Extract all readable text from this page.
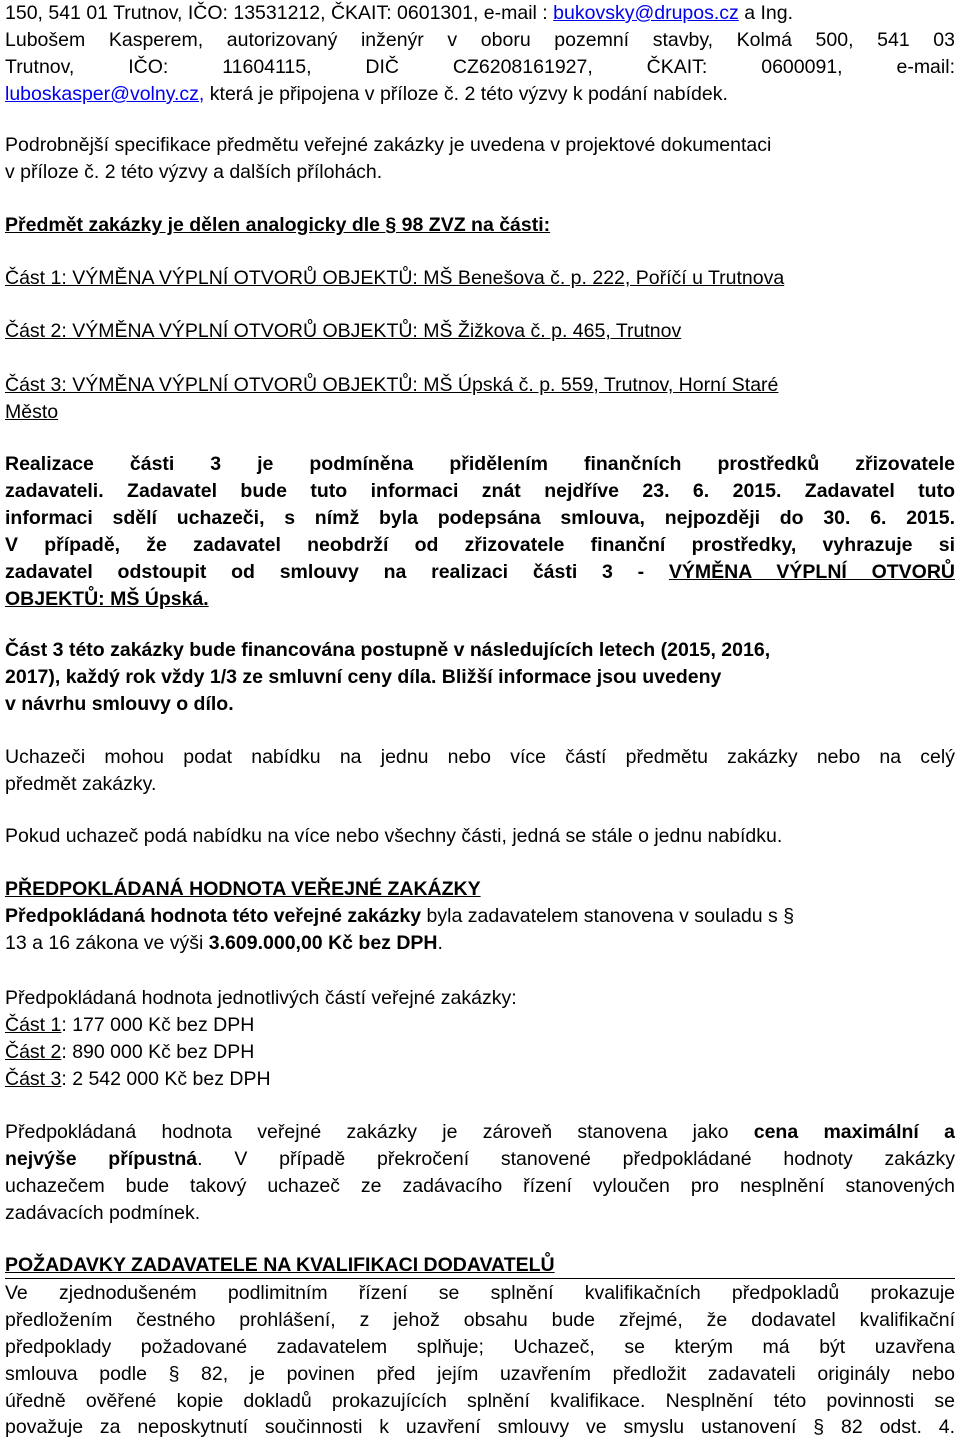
150, 541 01 Trutnov, IČO: 13531212, ČKAIT: 0601301, e-mail : bukovsky@drupos.cz a Ing.
Lubošem Kasperem, autorizovaný inženýr v oboru pozemní stavby, Kolmá 500, 541 03
Trutnov, IČO: 11604115, DIČ CZ6208161927, ČKAIT: 0600091, e-mail:
luboskasper@volny.cz, která je připojena v příloze č. 2 této výzvy k podání nabídek.
Podrobnější specifikace předmětu veřejné zakázky je uvedena v projektové dokumentaci
v příloze č. 2 této výzvy a dalších přílohách.
Předmět zakázky je dělen analogicky dle § 98 ZVZ na části:
Část 1: VÝMĚNA VÝPLNÍ OTVORŮ OBJEKTŮ: MŠ Benešova č. p. 222, Poříčí u Trutnova
Část 2: VÝMĚNA VÝPLNÍ OTVORŮ OBJEKTŮ: MŠ Žižkova č. p. 465, Trutnov
Část 3: VÝMĚNA VÝPLNÍ OTVORŮ OBJEKTŮ: MŠ Úpská č. p. 559, Trutnov, Horní Staré
Město
Realizace části 3 je podmíněna přidělením finančních prostředků zřizovatele
zadavateli. Zadavatel bude tuto informaci znát nejdříve 23. 6. 2015. Zadavatel tuto
informaci sdělí uchazeči, s nímž byla podepsána smlouva, nejpozději do 30. 6. 2015.
V případě, že zadavatel neobdrží od zřizovatele finanční prostředky, vyhrazuje si
zadavatel odstoupit od smlouvy na realizaci části 3 - VÝMĚNA VÝPLNÍ OTVORŮ
OBJEKTŮ: MŠ Úpská.
Část 3 této zakázky bude financována postupně v následujících letech (2015, 2016,
2017), každý rok vždy 1/3 ze smluvní ceny díla. Bližší informace jsou uvedeny
v návrhu smlouvy o dílo.
Uchazeči mohou podat nabídku na jednu nebo více částí předmětu zakázky nebo na celý
předmět zakázky.
Pokud uchazeč podá nabídku na více nebo všechny části, jedná se stále o jednu nabídku.
PŘEDPOKLÁDANÁ HODNOTA VEŘEJNÉ ZAKÁZKY
Předpokládaná hodnota této veřejné zakázky byla zadavatelem stanovena v souladu s §
13 a 16 zákona ve výši 3.609.000,00 Kč bez DPH.
Předpokládaná hodnota jednotlivých částí veřejné zakázky:
Část 1: 177 000 Kč bez DPH
Část 2: 890 000 Kč bez DPH
Část 3: 2 542 000 Kč bez DPH
Předpokládaná hodnota veřejné zakázky je zároveň stanovena jako cena maximální a
nejvýše přípustná. V případě překročení stanovené předpokládané hodnoty zakázky
uchazečem bude takový uchazeč ze zadávacího řízení vyloučen pro nesplnění stanovených
zadávacích podmínek.
POŽADAVKY ZADAVATELE NA KVALIFIKACI DODAVATELŮ
Ve zjednodušeném podlimitním řízení se splnění kvalifikačních předpokladů prokazuje
předložením čestného prohlášení, z jehož obsahu bude zřejmé, že dodavatel kvalifikační
předpoklady požadované zadavatelem splňuje; Uchazeč, se kterým má být uzavřena
smlouva podle § 82, je povinen před jejím uzavřením předložit zadavateli originály nebo
úředně ověřené kopie dokladů prokazujících splnění kvalifikace. Nesplnění této povinnosti se
považuje za neposkytnutí součinnosti k uzavření smlouvy ve smyslu ustanovení § 82 odst. 4.
